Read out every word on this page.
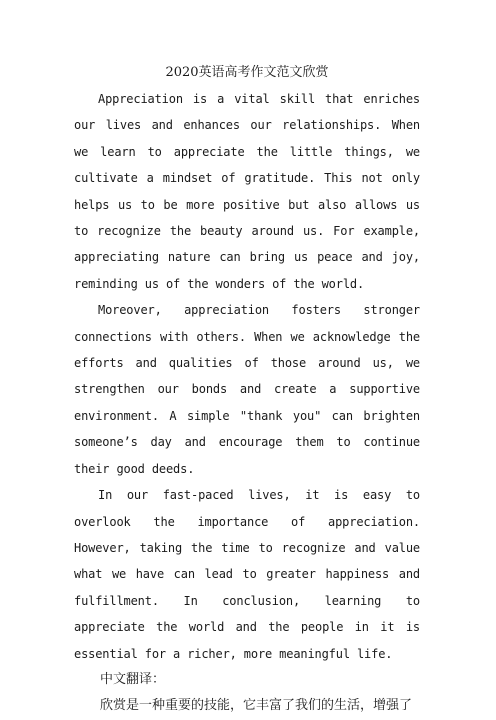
2020英语高考作文范文欣赏

Appreciation is a vital skill that enriches our lives and enhances our relationships. When we learn to appreciate the little things, we cultivate a mindset of gratitude. This not only helps us to be more positive but also allows us to recognize the beauty around us. For example, appreciating nature can bring us peace and joy, reminding us of the wonders of the world.

Moreover, appreciation fosters stronger connections with others. When we acknowledge the efforts and qualities of those around us, we strengthen our bonds and create a supportive environment. A simple "thank you" can brighten someone’s day and encourage them to continue their good deeds.

In our fast-paced lives, it is easy to overlook the importance of appreciation. However, taking the time to recognize and value what we have can lead to greater happiness and fulfillment. In conclusion, learning to appreciate the world and the people in it is essential for a richer, more meaningful life.

中文翻译：

欣赏是一种重要的技能，它丰富了我们的生活，增强了
